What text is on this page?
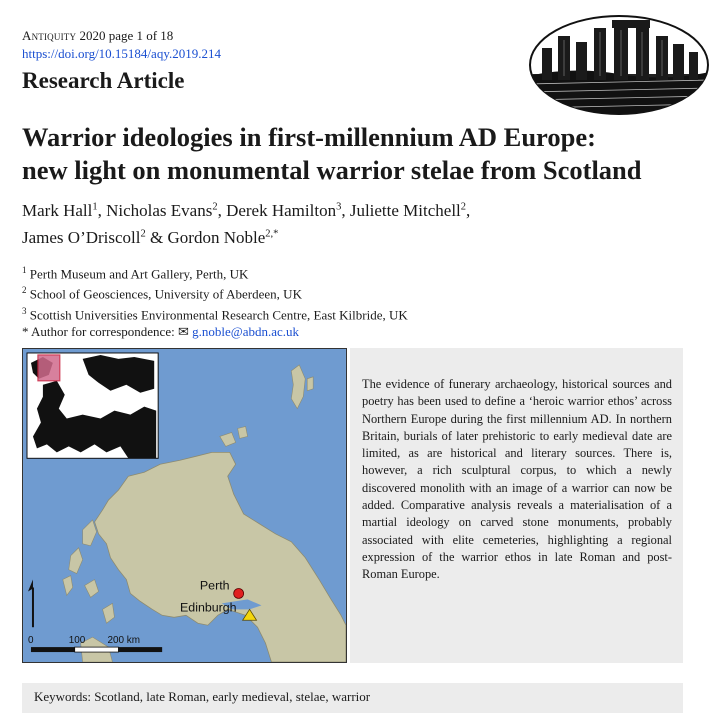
Antiquity 2020 page 1 of 18
https://doi.org/10.15184/aqy.2019.214
Research Article
Warrior ideologies in first-millennium AD Europe:
new light on monumental warrior stelae from Scotland
Mark Hall$^1$, Nicholas Evans$^2$, Derek Hamilton$^3$, Juliette Mitchell$^2$,
James O’Driscoll$^2$ & Gordon Noble$^{2,*}$
$^1$ Perth Museum and Art Gallery, Perth, UK
$^2$ School of Geosciences, University of Aberdeen, UK
$^3$ Scottish Universities Environmental Research Centre, East Kilbride, UK
* Author for correspondence: ✉ g.noble@abdn.ac.uk
Perth
Edinburgh
0	100 200 km
The evidence of funerary archaeology, historical sources and poetry has been used to define a ‘heroic warrior ethos’ across Northern Europe during the first millennium AD. In northern Britain, burials of later prehistoric to early medieval date are limited, as are historical and literary sources. There is, however, a rich sculptural corpus, to which a newly discovered monolith with an image of a warrior can now be added. Comparative analysis reveals a materialisation of a martial ideology on carved stone monuments, probably associated with elite cemeteries, highlighting a regional expression of the warrior ethos in late Roman and post-Roman Europe.
Keywords: Scotland, late Roman, early medieval, stelae, warrior
